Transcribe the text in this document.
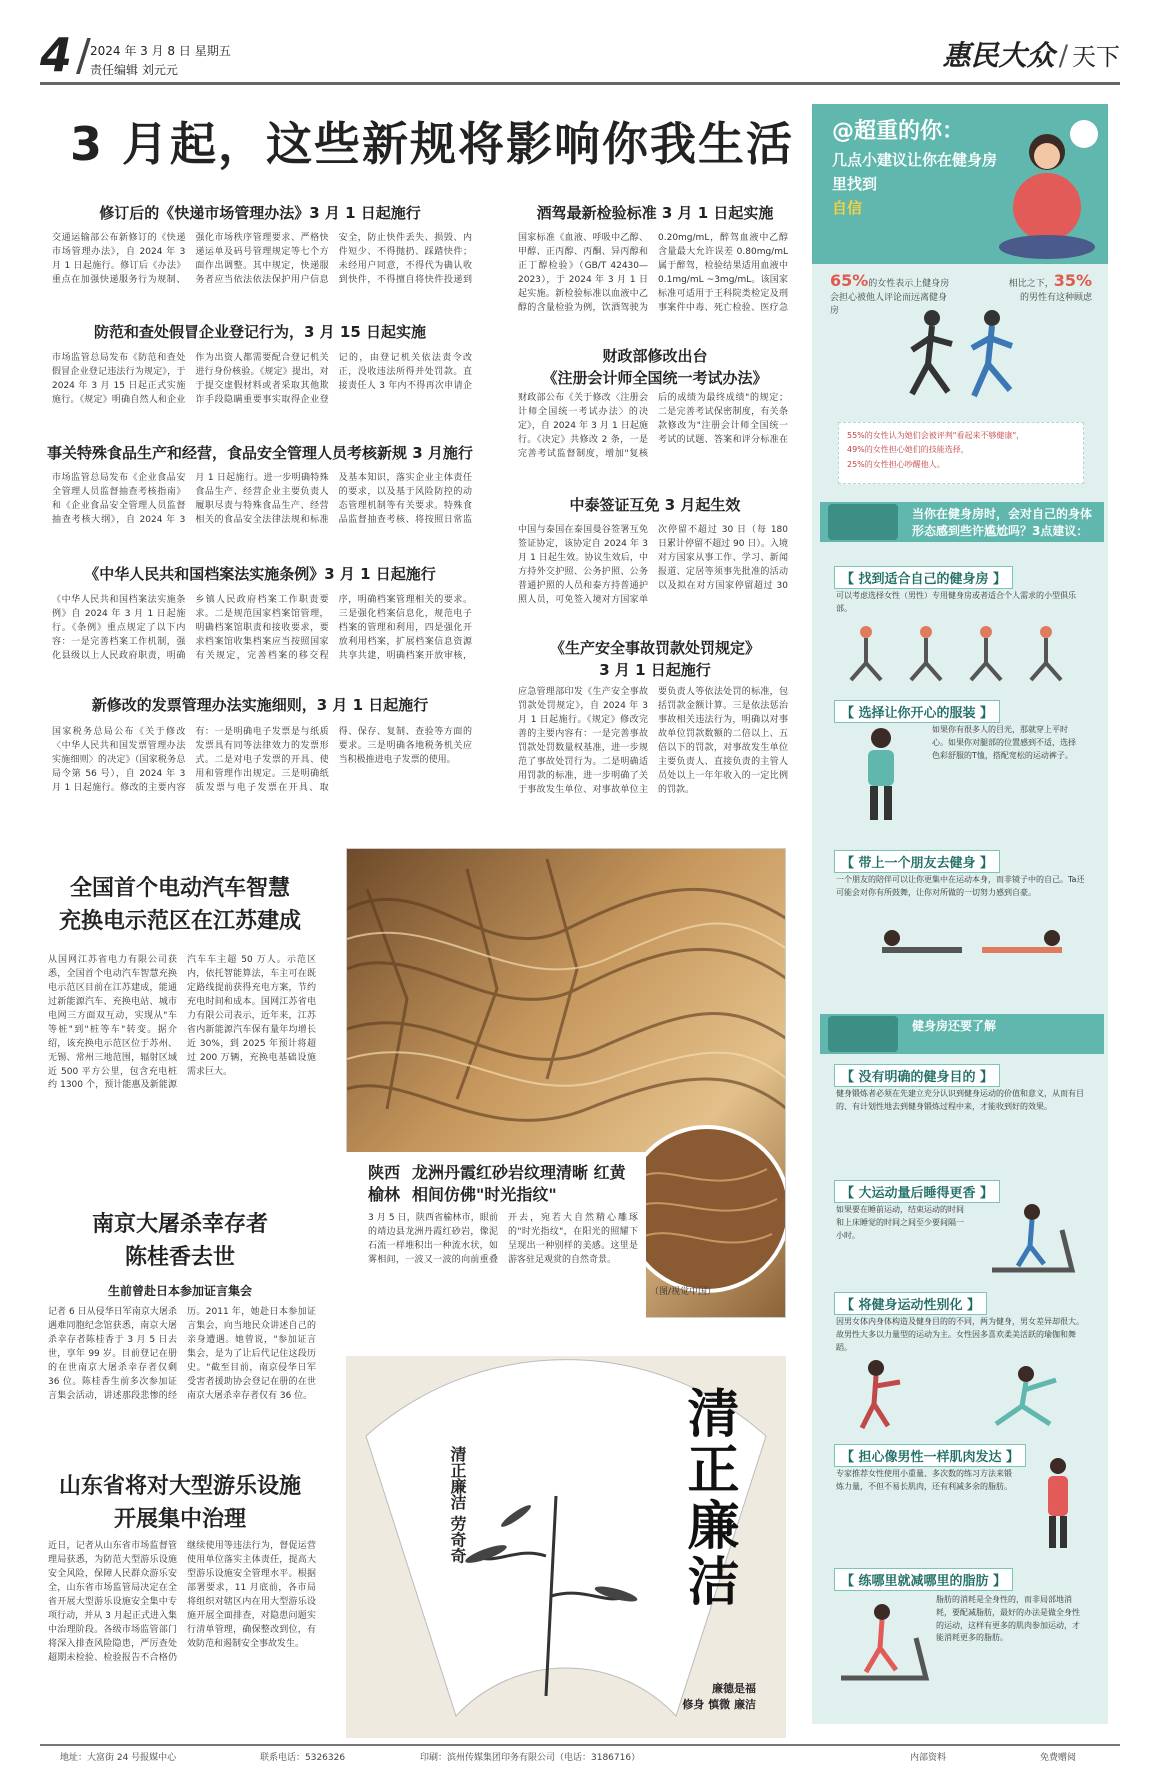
4 / 2024 年 3 月 8 日 星期五
责任编辑 刘元元	惠民大众 / 天下
3 月起，这些新规将影响你我生活
修订后的《快递市场管理办法》3 月 1 日起施行
交通运输部公布新修订的《快递市场管理办法》，自 2024 年 3 月 1 日起施行。修订后《办法》重点在加强快递服务行为规制、强化市场秩序管理要求、严格快递运单及码号管理规定等七个方面作出调整。其中规定，快递服务者应当依法依法保护用户信息安全，防止快件丢失、损毁、内件短少、不得抛扔、踩踏快件；未经用户同意，不得代为确认收到快件，不得擅自将快件投递到
防范和查处假冒企业登记行为，3 月 15 日起实施
市场监管总局发布《防范和查处假冒企业登记违法行为规定》，于 2024 年 3 月 15 日起正式实施施行。《规定》明确自然人和企业作为出资人都需要配合登记机关进行身份核验。《规定》提出，对于提交虚假材料或者采取其他欺诈手段隐瞒重要事实取得企业登记的，由登记机关依法责令改正，没收违法所得并处罚款。直接责任人 3 年内不得再次申请企
事关特殊食品生产和经营，食品安全管理人员考核新规 3 月施行
市场监管总局发布《企业食品安全管理人员监督抽查考核指南》和《企业食品安全管理人员监督抽查考核大纲》，自 2024 年 3 月 1 日起施行。进一步明确特殊食品生产、经营企业主要负责人履职尽责与特殊食品生产、经营相关的食品安全法律法规和标准及基本知识，落实企业主体责任的要求，以及基于风险防控的动态管理机制等有关要求。特殊食品监督抽查考核、将按照日常监
《中华人民共和国档案法实施条例》3 月 1 日起施行
《中华人民共和国档案法实施条例》自 2024 年 3 月 1 日起施行。《条例》重点规定了以下内容：一是完善档案工作机制，强化县级以上人民政府职责，明确乡镇人民政府档案工作职责要求。二是规范国家档案馆管理，明确档案馆职责和接收要求，要求档案馆收集档案应当按照国家有关规定，完善档案的移交程序，明确档案管理相关的要求。三是强化档案信息化，规范电子档案的管理和利用，四是强化开放利用档案，扩展档案信息资源共享共建，明确档案开放审核，
新修改的发票管理办法实施细则，3 月 1 日起施行
国家税务总局公布《关于修改〈中华人民共和国发票管理办法实施细则〉的决定》（国家税务总局令第 56 号），自 2024 年 3 月 1 日起施行。修改的主要内容有：一是明确电子发票是与纸质发票具有同等法律效力的发票形式。二是对电子发票的开具、使用和管理作出规定。三是明确纸质发票与电子发票在开具、取得、保存、复制、查验等方面的要求。三是明确各地税务机关应当积极推进电子发票的使用。
酒驾最新检验标准 3 月 1 日起实施
国家标准《血液、呼吸中乙醇、甲醇、正丙醇、丙酮、异丙醇和正丁醇检验》（GB/T 42430—2023），于 2024 年 3 月 1 日起实施。新检验标准以血液中乙醇的含量检验为例，饮酒驾驶为 0.20mg/mL，醉驾血液中乙醇含量最大允许误差 0.80mg/mL 属于醉驾，检验结果适用血液中 0.1mg/mL ~3mg/mL。该国家标准可适用于王科院类检定及刑事案件中毒、死亡检验、医疗急
财政部修改出台
《注册会计师全国统一考试办法》
财政部公布《关于修改〈注册会计师全国统一考试办法〉的决定》，自 2024 年 3 月 1 日起施行。《决定》共修改 2 条，一是完善考试监督制度，增加"复核后的成绩为最终成绩"的规定；二是完善考试保密制度，有关条款修改为"注册会计师全国统一考试的试题、答案和评分标准在
中泰签证互免 3 月起生效
中国与泰国在泰国曼谷签署互免签证协定，该协定自 2024 年 3 月 1 日起生效。协议生效后，中方持外交护照、公务护照、公务普通护照的人员和泰方持普通护照人员，可免签入境对方国家单次停留不超过 30 日（每 180 日累计停留不超过 90 日）。入境对方国家从事工作、学习、新闻报道、定居等须事先批准的活动以及拟在对方国家停留超过 30
《生产安全事故罚款处罚规定》
3 月 1 日起施行
应急管理部印发《生产安全事故罚款处罚规定》，自 2024 年 3 月 1 日起施行。《规定》修改完善的主要内容有：一是完善事故罚款处罚数量权基准，进一步规范了事故处罚行为。二是明确适用罚款的标准，进一步明确了关于事故发生单位、对事故单位主要负责人等依法处罚的标准，包括罚款金额计算。三是依法惩治事故相关违法行为，明确以对事故单位罚款数额的二倍以上、五倍以下的罚款，对事故发生单位主要负责人、直接负责的主管人员处以上一年年收入的一定比例的罚款。
全国首个电动汽车智慧
充换电示范区在江苏建成
从国网江苏省电力有限公司获悉，全国首个电动汽车智慧充换电示范区目前在江苏建成，能通过新能源汽车、充换电站、城市电网三方面双互动，实现从"车等桩"到"桩等车"转变。据介绍，该充换电示范区位于苏州、无锡、常州三地范围，辐射区域近 500 平方公里，包含充电桩约 1300 个，预计能惠及新能源汽车车主超 50 万人。示范区内，依托智能算法，车主可在既定路线提前获得充电方案，节约充电时间和成本。国网江苏省电力有限公司表示，近年来，江苏省内新能源汽车保有量年均增长近 30%，到 2025 年预计将超过 200 万辆，充换电基础设施需求巨大。
南京大屠杀幸存者
陈桂香去世
生前曾赴日本参加证言集会
记者 6 日从侵华日军南京大屠杀遇难同胞纪念馆获悉，南京大屠杀幸存者陈桂香于 3 月 5 日去世，享年 99 岁。目前登记在册的在世南京大屠杀幸存者仅剩 36 位。陈桂香生前多次参加证言集会活动，讲述那段悲惨的经历。2011 年，她赴日本参加证言集会，向当地民众讲述自己的亲身遭遇。她曾说，"参加证言集会，是为了让后代记住这段历史。"截至目前，南京侵华日军受害者援助协会登记在册的在世南京大屠杀幸存者仅有 36 位。
山东省将对大型游乐设施
开展集中治理
近日，记者从山东省市场监督管理局获悉，为防范大型游乐设施安全风险，保障人民群众游乐安全，山东省市场监管局决定在全省开展大型游乐设施安全集中专项行动，并从 3 月起正式进入集中治理阶段。各级市场监管部门将深入排查风险隐患，严厉查处超期未检验、检验报告不合格仍继续使用等违法行为，督促运营使用单位落实主体责任，提高大型游乐设施安全管理水平。根据部署要求，11 月底前，各市局将组织对辖区内在用大型游乐设施开展全面排查，对隐患问题实行清单管理，确保整改到位，有效防范和遏制安全事故发生。
陕西榆林
龙洲丹霞红砂岩纹理清晰 红黄相间仿佛"时光指纹"
3 月 5 日，陕西省榆林市，眼前的靖边县龙洲丹霞红砂岩，像泥石流一样堆积出一种流水状，如雾相间，一波又一波的向前重叠开去，宛若大自然精心雕琢的"时光指纹"，在阳光的照耀下呈现出一种别样的美感。这里是游客驻足观赏的自然奇景。
（图/视觉中国）
清正廉洁
清正廉洁 劳奇奇
廉德是福
修身 慎微 廉洁
@超重的你：
几点小建议让你在健身房里找到
自信
65%的女性表示上健身房会担心被他人评论而远离健身房
相比之下，35%
的男性有这种顾虑
55%的女性认为她们会被评判"看起来不够健康"，
49%的女性担心她们的技能选择，
25%的女性担心吵醒他人。
当你在健身房时，会对自己的身体形态感到些许尴尬吗？3点建议：
【 找到适合自己的健身房 】
可以考虑选择女性（男性）专用健身房或者适合个人需求的小型俱乐部。
【 选择让你开心的服装 】
如果你有很多人的目光，那就穿上平时心。如果你对腿部的位置感到不适，选择色彩舒服的T恤，搭配宽松的运动裤子。
【 带上一个朋友去健身 】
一个朋友的陪伴可以让你更集中在运动本身，而非镜子中的自己。Ta还可能会对你有所鼓舞，让你对所做的一切努力感到自豪。
健身房还要了解
【 没有明确的健身目的 】
健身锻炼者必须在先建立充分认识到健身运动的价值和意义，从而有目的、有计划性地去到健身锻炼过程中来，才能收到好的效果。
【 大运动量后睡得更香 】
如果要在睡前运动，结束运动的时间和上床睡觉的时间之间至少要间隔一小时。
【 将健身运动性别化 】
因男女体内身体构造及健身目的的不同，两为健身，男女差异却很大。故男性大多以力量型的运动为主。女性因多喜欢柔美活跃的瑜伽和舞蹈。
【 担心像男性一样肌肉发达 】
专家推荐女性使用小重量、多次数的练习方法来锻炼力量，不但不易长肌肉，还有利减多余的脂肪。
【 练哪里就减哪里的脂肪 】
脂肪的消耗是全身性的，而非局部地消耗，要配减脂肪，最好的办法是做全身性的运动，这样有更多的肌肉参加运动，才能消耗更多的脂肪。
地址：大富街 24 号报媒中心	联系电话：5326326	印刷：滨州传媒集团印务有限公司（电话：3186716）	内部资料	免费赠阅
